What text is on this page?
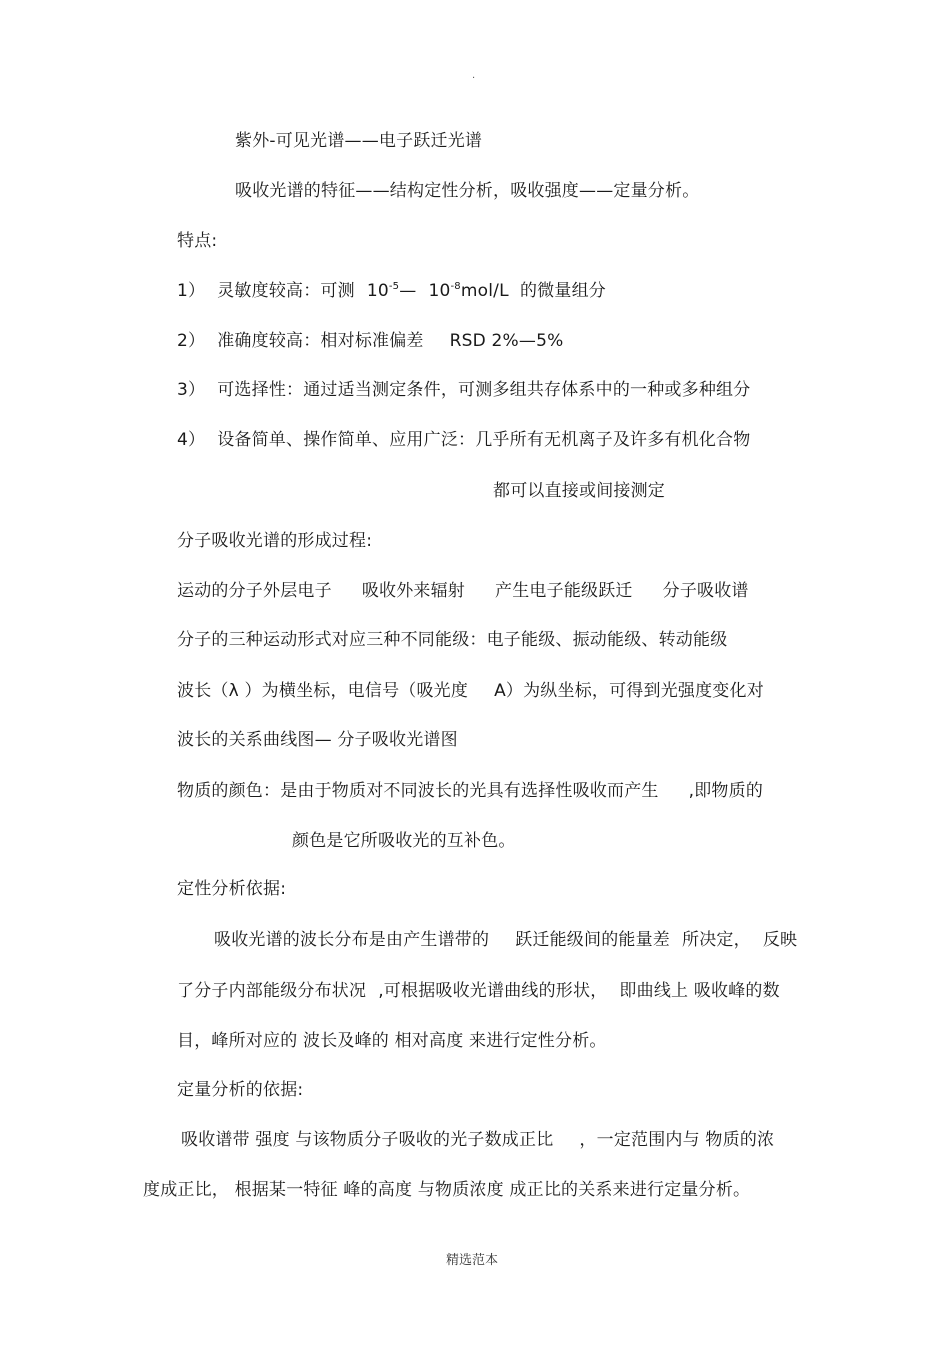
.
紫外-可见光谱——电子跃迁光谱
吸收光谱的特征——结构定性分析，吸收强度——定量分析。
特点:
1） 灵敏度较高：可测 $10^{-5}—$ $10^{-8}mol/L$ 的微量组分
2） 准确度较高：相对标准偏差 RSD 2%—5%
3） 可选择性：通过适当测定条件，可测多组共存体系中的一种或多种组分
4） 设备简单、操作简单、应用广泛：几乎所有无机离子及许多有机化合物
都可以直接或间接测定
分子吸收光谱的形成过程:
运动的分子外层电子 吸收外来辐射 产生电子能级跃迁 分子吸收谱
分子的三种运动形式对应三种不同能级：电子能级、振动能级、转动能级
波长（λ ）为横坐标，电信号（吸光度 A）为纵坐标，可得到光强度变化对
波长的关系曲线图— 分子吸收光谱图
物质的颜色：是由于物质对不同波长的光具有选择性吸收而产生 ,即物质的
颜色是它所吸收光的互补色。
定性分析依据:
吸收光谱的波长分布是由产生谱带的 跃迁能级间的能量差 所决定， 反映
了分子内部能级分布状况 ,可根据吸收光谱曲线的形状， 即曲线上 吸收峰的数
目，峰所对应的 波长及峰的 相对高度 来进行定性分析。
定量分析的依据:
吸收谱带 强度 与该物质分子吸收的光子数成正比 ，一定范围内与 物质的浓
度成正比， 根据某一特征 峰的高度 与物质浓度 成正比的关系来进行定量分析。
精选范本
